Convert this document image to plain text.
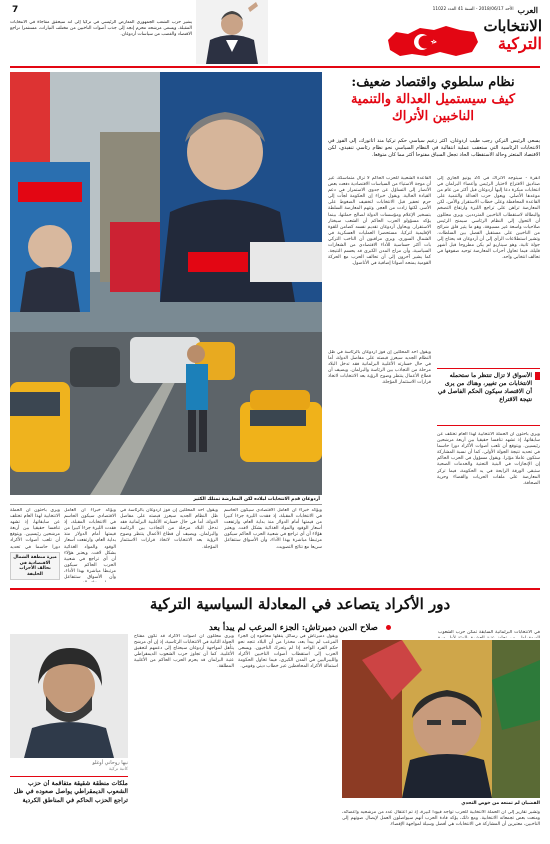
العرب
الأحد 2018/06/17 - السنة 41 العدد 11022
7
الانتخابات
التركية
يشير حزب الشعب الجمهوري المعارض الرئيسي في تركيا إلى أنه سيحقق مفاجأة في الانتخابات المقبلة، ويسعى مرشحه محرم إنجه إلى جذب أصوات الناخبين من مختلف التيارات، مستثمرا تراجع الاقتصاد والغضب من سياسات أردوغان.
أردوغان قدم الانتخابات لبلاده لكن المعارضة تمتلك الكثير
نظام سلطوي واقتصاد ضعيف:
كيف سيستميل العدالة والتنمية
الناخبين الأتراك
يسعى الرئيس التركي رجب طيب أردوغان، أكثر زعيم سياسي حكم تركيا منذ أتاتورك، إلى الفوز في الانتخابات الرئاسية التي ستعقب عملية انتقالية في النظام السياسي نحو نظام رئاسي تنفيذي، لكن الاقتصاد المتعثر وحالة الاستقطاب الحاد تجعل السباق مفتوحا أكثر مما كان متوقعا.
أنقرة - سيتوجه الأتراك في 24 يونيو الجاري إلى صناديق الاقتراع لاختيار الرئيس وأعضاء البرلمان في انتخابات مبكرة دعا إليها أردوغان قبل أكثر من عام من موعدها الأصلي. ويعول حزب العدالة والتنمية على القاعدة المحافظة وعلى خطاب الاستقرار والأمن، لكن المعارضة تراهن على تراجع الليرة وارتفاع التضخم والبطالة لاستقطاب الناخبين المترددين. ويرى محللون أن التحول إلى النظام الرئاسي سيمنح الرئيس صلاحيات واسعة غير مسبوقة، وهو ما يثير قلق شرائح من الناخبين على مستقبل الفصل بين السلطات. وتشير استطلاعات الرأي إلى أن أردوغان قد يحتاج إلى جولة ثانية، وهو سيناريو لم يكن مطروحا قبل أشهر قليلة، فيما تحاول أحزاب المعارضة توحيد صفوفها في تحالف انتخابي واحد.
القاعدة الشعبية للحزب الحاكم لا تزال متماسكة، غير أن موجة الاستياء من السياسات الاقتصادية دفعت بعض الأنصار إلى التساؤل عن جدوى الاستمرار في دعم القيادة الحالية. ويقول خبراء إن الحكومة لجأت إلى حزم تحفيز قبل الانتخابات لتخفيف الضغوط على الأسر، لكنها زادت من العجز. وتتهم المعارضة السلطة بتسخير الإعلام ومؤسسات الدولة لصالح حملتها، بينما يؤكد مسؤولو الحزب الحاكم أن الشعب سيختار الاستقرار. ويحاول أردوغان تقديم نفسه كضامن للقوة الإقليمية لتركيا، مستحضرا العمليات العسكرية في الشمال السوري. ويرى مراقبون أن الناخب التركي بات أكثر حساسية للأداء الاقتصادي من الشعارات السياسية، وأن مزاج المدن الكبرى قد يحسم النتيجة. كما يشير آخرون إلى أن تحالف الحزب مع الحركة القومية يمنحه أصواتا إضافية في الأناضول.
الأسواق لا تزال تنتظر ما ستحمله الانتخابات من تغيير، وهناك من يرى أن الاقتصاد سيكون الحكم الفاصل في نتيجة الاقتراع
ويرى باحثون أن الحملة الانتخابية لهذا العام تختلف عن سابقاتها، إذ تشهد تنافسا حقيقيا بين أربعة مرشحين رئيسيين. ويتوقع أن تلعب أصوات الأكراد دورا حاسما في تحديد نتيجة الجولة الأولى، كما أن نسبة المشاركة ستكون عاملا مؤثرا. ويقول مسؤول في الحزب الحاكم إن الإنجازات في البنية التحتية والخدمات الصحية ستبقى الورقة الرابحة في يد الحكومة، فيما تركز المعارضة على ملفات الحريات والقضاء وحرية الصحافة.
ويقول أحد المحللين إن فوز أردوغان بالرئاسة في ظل النظام الجديد سيعزز قبضته على مفاصل الدولة، أما في حال خسارته الأغلبية البرلمانية فقد تدخل البلاد مرحلة من التجاذب بين الرئاسة والبرلمان. ويضيف أن قطاع الأعمال ينتظر وضوح الرؤية بعد الانتخابات لاتخاذ قرارات الاستثمار المؤجلة.
ويؤكد خبراء أن العامل الاقتصادي سيكون الحاسم في الانتخابات المقبلة، إذ فقدت الليرة جزءا كبيرا من قيمتها أمام الدولار منذ بداية العام، وارتفعت أسعار الوقود والمواد الغذائية بشكل لافت. ويعتبر هؤلاء أن أي تراجع في شعبية الحزب الحاكم سيكون مرتبطا مباشرة بهذا الأداء، وأن الأسواق ستتفاعل سريعا مع نتائج التصويت.
ويقول أحد المحللين إن فوز أردوغان بالرئاسة في ظل النظام الجديد سيعزز قبضته على مفاصل الدولة، أما في حال خسارته الأغلبية البرلمانية فقد تدخل البلاد مرحلة من التجاذب بين الرئاسة والبرلمان. ويضيف أن قطاع الأعمال ينتظر وضوح الرؤية بعد الانتخابات لاتخاذ قرارات الاستثمار المؤجلة.
ويؤكد خبراء أن العامل الاقتصادي سيكون الحاسم في الانتخابات المقبلة، إذ فقدت الليرة جزءا كبيرا من قيمتها أمام الدولار منذ بداية العام، وارتفعت أسعار الوقود والمواد الغذائية بشكل لافت. ويعتبر هؤلاء أن أي تراجع في شعبية الحزب الحاكم سيكون مرتبطا مباشرة بهذا الأداء، وأن الأسواق ستتفاعل
ميزة منطقة الشمال الاقتصادية في تحالف الأحزاب الحليفة
ويرى باحثون أن الحملة الانتخابية لهذا العام تختلف عن سابقاتها، إذ تشهد تنافسا حقيقيا بين أربعة مرشحين رئيسيين. ويتوقع أن تلعب أصوات الأكراد دورا حاسما في تحديد
دور الأكراد يتصاعد في المعادلة السياسية التركية
صلاح الدين دميرتاش: الجزء المرعب لم يبدأ بعد
القضبان لم تمنعه من خوض التحدي
في الانتخابات البرلمانية السابقة تمكن حزب الشعوب
ويقول دميرتاش في رسائل ينقلها محاموه إن الجزء المرعب لم يبدأ بعد، محذرا من أن البلاد تتجه نحو حكم الفرد الواحد إذا لم يتحرك الناخبون. ويسعى الحزب إلى استقطاب أصوات الناخبين الأكراد والليبراليين في المدن الكبرى، فيما تحاول الحكومة استمالة الأكراد المحافظين عبر خطاب ديني وقومي.
ويرى محللون أن أصوات الأكراد قد تكون مفتاح الجولة الثانية في الانتخابات الرئاسية، إذ إن أي مرشح يتأهل لمواجهة أردوغان سيحتاج إلى دعمهم لتحقيق الأغلبية. كما أن تجاوز حزب الشعوب الديمقراطي عتبة البرلمان قد يحرم الحزب الحاكم من الأغلبية المطلقة.
وتشير تقارير إلى أن الحملة الانتخابية للحزب تواجه قيودا كبيرة، إذ تم اعتقال عدد من مرشحيه وأعضائه، ومنعت بعض تجمعاته الانتخابية. ومع ذلك، يؤكد قادة الحزب أنهم سيواصلون العمل لإيصال صوتهم إلى الناخبين، معتبرين أن المشاركة في الانتخابات هي أفضل وسيلة لمواجهة الإقصاء.
نيها روحاني أوغلو
كاتبة تركية
ملكات منطقة شقيقة متفاقمة أن حزب الشعوب الديمقراطي يواصل صعوده في ظل تراجع الحزب الحاكم في المناطق الكردية
